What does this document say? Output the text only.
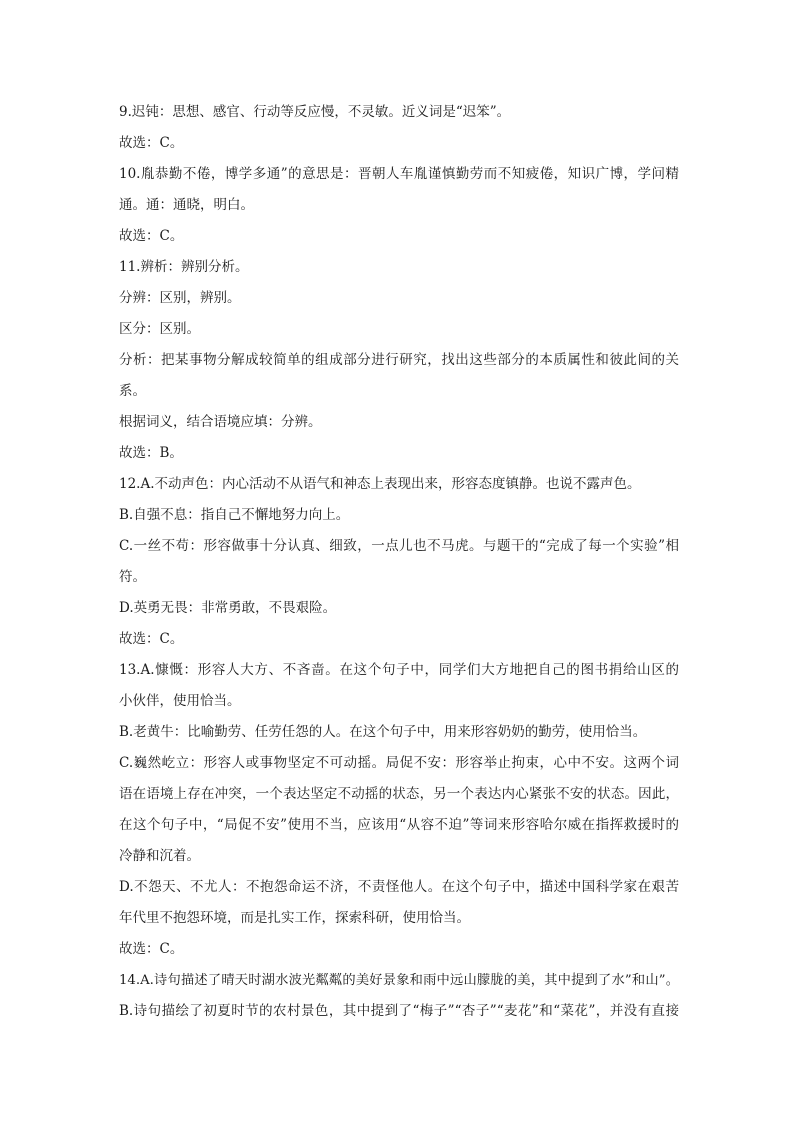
9.迟钝：思想、感官、行动等反应慢，不灵敏。近义词是“迟笨”。
故选：C。
10.胤恭勤不倦，博学多通”的意思是：晋朝人车胤谨慎勤劳而不知疲倦，知识广博，学问精
通。通：通晓，明白。
故选：C。
11.辨析：辨别分析。
分辨：区别，辨别。
区分：区别。
分析：把某事物分解成较简单的组成部分进行研究，找出这些部分的本质属性和彼此间的关
系。
根据词义，结合语境应填：分辨。
故选：B。
12.A.不动声色：内心活动不从语气和神态上表现出来，形容态度镇静。也说不露声色。
B.自强不息：指自己不懈地努力向上。
C.一丝不苟：形容做事十分认真、细致，一点儿也不马虎。与题干的“完成了每一个实验”相
符。
D.英勇无畏：非常勇敢，不畏艰险。
故选：C。
13.A.慷慨：形容人大方、不吝啬。在这个句子中，同学们大方地把自己的图书捐给山区的
小伙伴，使用恰当。
B.老黄牛：比喻勤劳、任劳任怨的人。在这个句子中，用来形容奶奶的勤劳，使用恰当。
C.巍然屹立：形容人或事物坚定不可动摇。局促不安：形容举止拘束，心中不安。这两个词
语在语境上存在冲突，一个表达坚定不动摇的状态，另一个表达内心紧张不安的状态。因此，
在这个句子中，“局促不安”使用不当，应该用“从容不迫”等词来形容哈尔威在指挥救援时的
冷静和沉着。
D.不怨天、不尤人：不抱怨命运不济，不责怪他人。在这个句子中，描述中国科学家在艰苦
年代里不抱怨环境，而是扎实工作，探索科研，使用恰当。
故选：C。
14.A.诗句描述了晴天时湖水波光粼粼的美好景象和雨中远山朦胧的美，其中提到了水”和山”。
B.诗句描绘了初夏时节的农村景色，其中提到了“梅子”“杏子”“麦花”和“菜花”，并没有直接
